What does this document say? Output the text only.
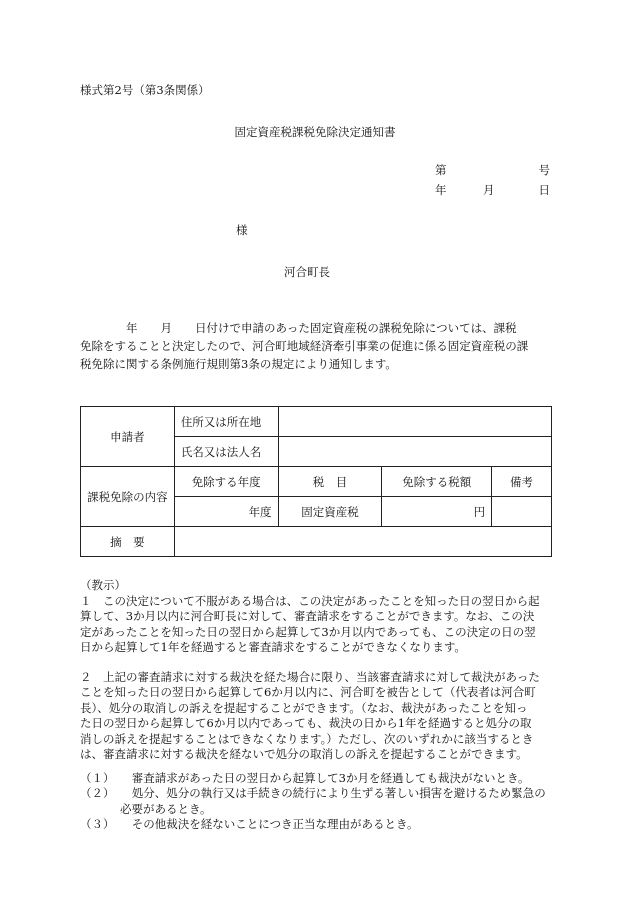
様式第2号（第3条関係）
固定資産税課税免除決定通知書
第	号
年	月	日
様
河合町長

　　　　年　　月　　日付けで申請のあった固定資産税の課税免除については、課税

免除をすることと決定したので、河合町地域経済牽引事業の促進に係る固定資産税の課

税免除に関する条例施行規則第3条の規定により通知します。

申請者	住所又は所在地			
	氏名又は法人名			
課税免除の内容	免除する年度	税　目	免除する税額	備考
	年度	固定資産税	円	
摘　要				

（教示）

１　この決定について不服がある場合は、この決定があったことを知った日の翌日から起

算して、3か月以内に河合町長に対して、審査請求をすることができます。なお、この決

定があったことを知った日の翌日から起算して3か月以内であっても、この決定の日の翌

日から起算して1年を経過すると審査請求をすることができなくなります。

２　上記の審査請求に対する裁決を経た場合に限り、当該審査請求に対して裁決があった

ことを知った日の翌日から起算して6か月以内に、河合町を被告として（代表者は河合町

長）、処分の取消しの訴えを提起することができます。（なお、裁決があったことを知っ

た日の翌日から起算して6か月以内であっても、裁決の日から1年を経過すると処分の取

消しの訴えを提起することはできなくなります。）ただし、次のいずれかに該当するとき

は、審査請求に対する裁決を経ないで処分の取消しの訴えを提起することができます。

（１）　　審査請求があった日の翌日から起算して3か月を経過しても裁決がないとき。

（２）　　処分、処分の執行又は手続きの続行により生ずる著しい損害を避けるため緊急の

必要があるとき。

（３）　　その他裁決を経ないことにつき正当な理由があるとき。
